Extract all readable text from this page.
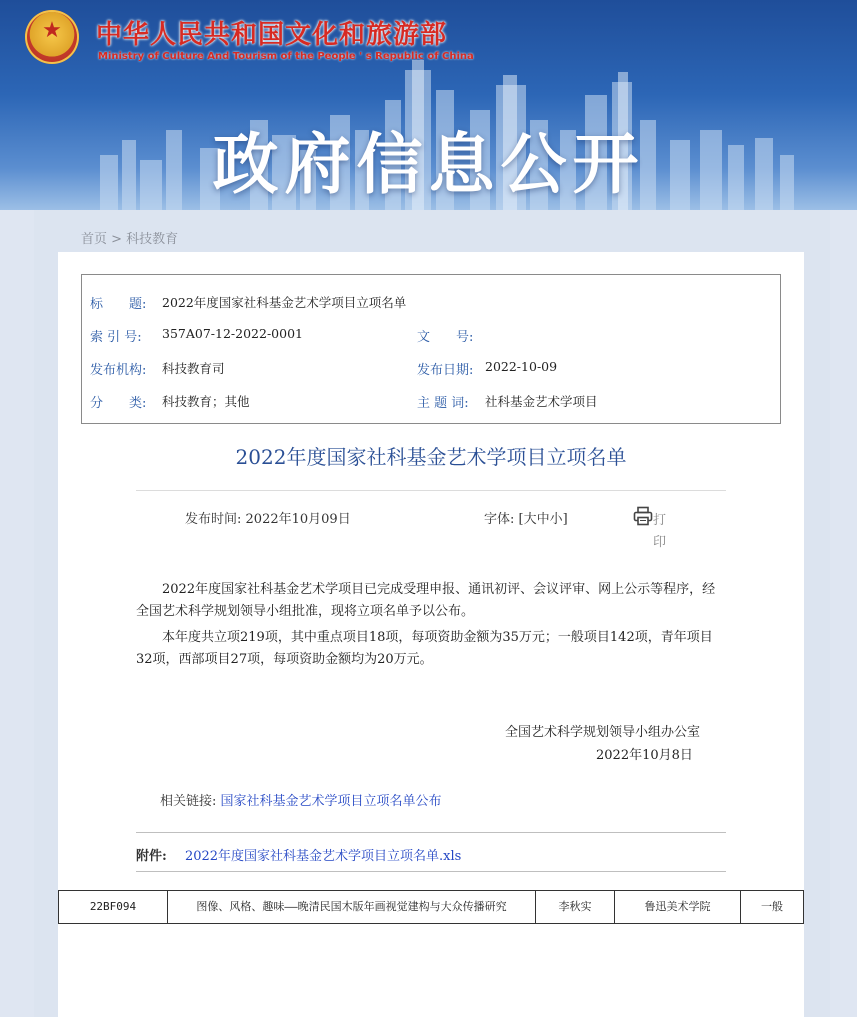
★	中华人民共和国文化和旅游部

Ministry of Culture And Tourism of the People ' s Republic of China

政府信息公开
首页 > 科技教育
标　　题: 2022年度国家社科基金艺术学项目立项名单
索 引 号: 357A07-12-2022-0001	文　　号:
发布机构: 科技教育司	发布日期: 2022-10-09
分　　类: 科技教育；其他	主 题 词: 社科基金艺术学项目
2022年度国家社科基金艺术学项目立项名单
发布时间: 2022年10月09日	字体: [大中小]	打印

2022年度国家社科基金艺术学项目已完成受理申报、通讯初评、会议评审、网上公示等程序，经全国艺术科学规划领导小组批准，现将立项名单予以公布。

本年度共立项219项，其中重点项目18项，每项资助金额为35万元；一般项目142项，青年项目32项，西部项目27项，每项资助金额均为20万元。

全国艺术科学规划领导小组办公室
2022年10月8日
相关链接: 国家社科基金艺术学项目立项名单公布
附件: 2022年度国家社科基金艺术学项目立项名单.xls
22BF094	图像、风格、趣味——晚清民国木版年画视觉建构与大众传播研究	李秋实	鲁迅美术学院	一般
